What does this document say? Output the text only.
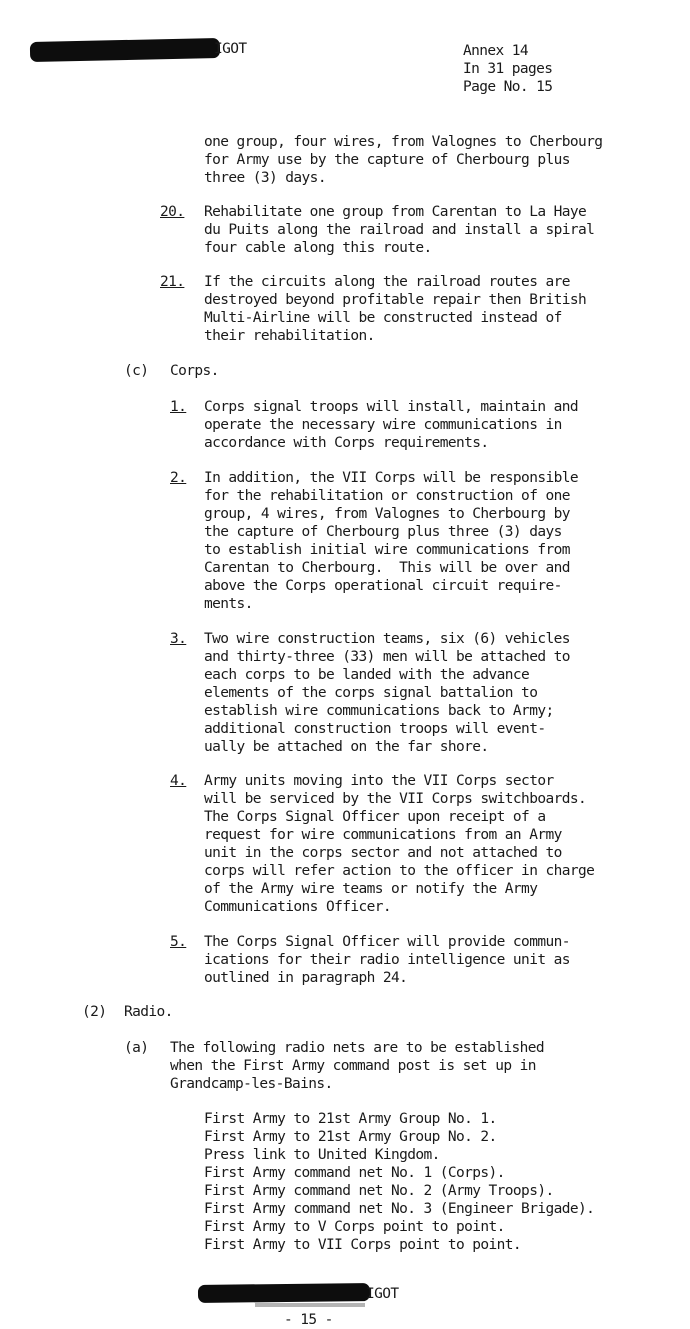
IGOT	Annex 14
In 31 pages
Page No. 15
one group, four wires, from Valognes to Cherbourg
for Army use by the capture of Cherbourg plus
three (3) days.
20. Rehabilitate one group from Carentan to La Haye
du Puits along the railroad and install a spiral
four cable along this route.
21. If the circuits along the railroad routes are
destroyed beyond profitable repair then British
Multi-Airline will be constructed instead of
their rehabilitation.
(c) Corps.
1. Corps signal troops will install, maintain and
operate the necessary wire communications in
accordance with Corps requirements.
2. In addition, the VII Corps will be responsible
for the rehabilitation or construction of one
group, 4 wires, from Valognes to Cherbourg by
the capture of Cherbourg plus three (3) days
to establish initial wire communications from
Carentan to Cherbourg.  This will be over and
above the Corps operational circuit require-
ments.
3. Two wire construction teams, six (6) vehicles
and thirty-three (33) men will be attached to
each corps to be landed with the advance
elements of the corps signal battalion to
establish wire communications back to Army;
additional construction troops will event-
ually be attached on the far shore.
4. Army units moving into the VII Corps sector
will be serviced by the VII Corps switchboards.
The Corps Signal Officer upon receipt of a
request for wire communications from an Army
unit in the corps sector and not attached to
corps will refer action to the officer in charge
of the Army wire teams or notify the Army
Communications Officer.
5. The Corps Signal Officer will provide commun-
ications for their radio intelligence unit as
outlined in paragraph 24.
(2) Radio.
(a) The following radio nets are to be established
when the First Army command post is set up in
Grandcamp-les-Bains.
First Army to 21st Army Group No. 1.
First Army to 21st Army Group No. 2.
Press link to United Kingdom.
First Army command net No. 1 (Corps).
First Army command net No. 2 (Army Troops).
First Army command net No. 3 (Engineer Brigade).
First Army to V Corps point to point.
First Army to VII Corps point to point.
IGOT
- 15 -
